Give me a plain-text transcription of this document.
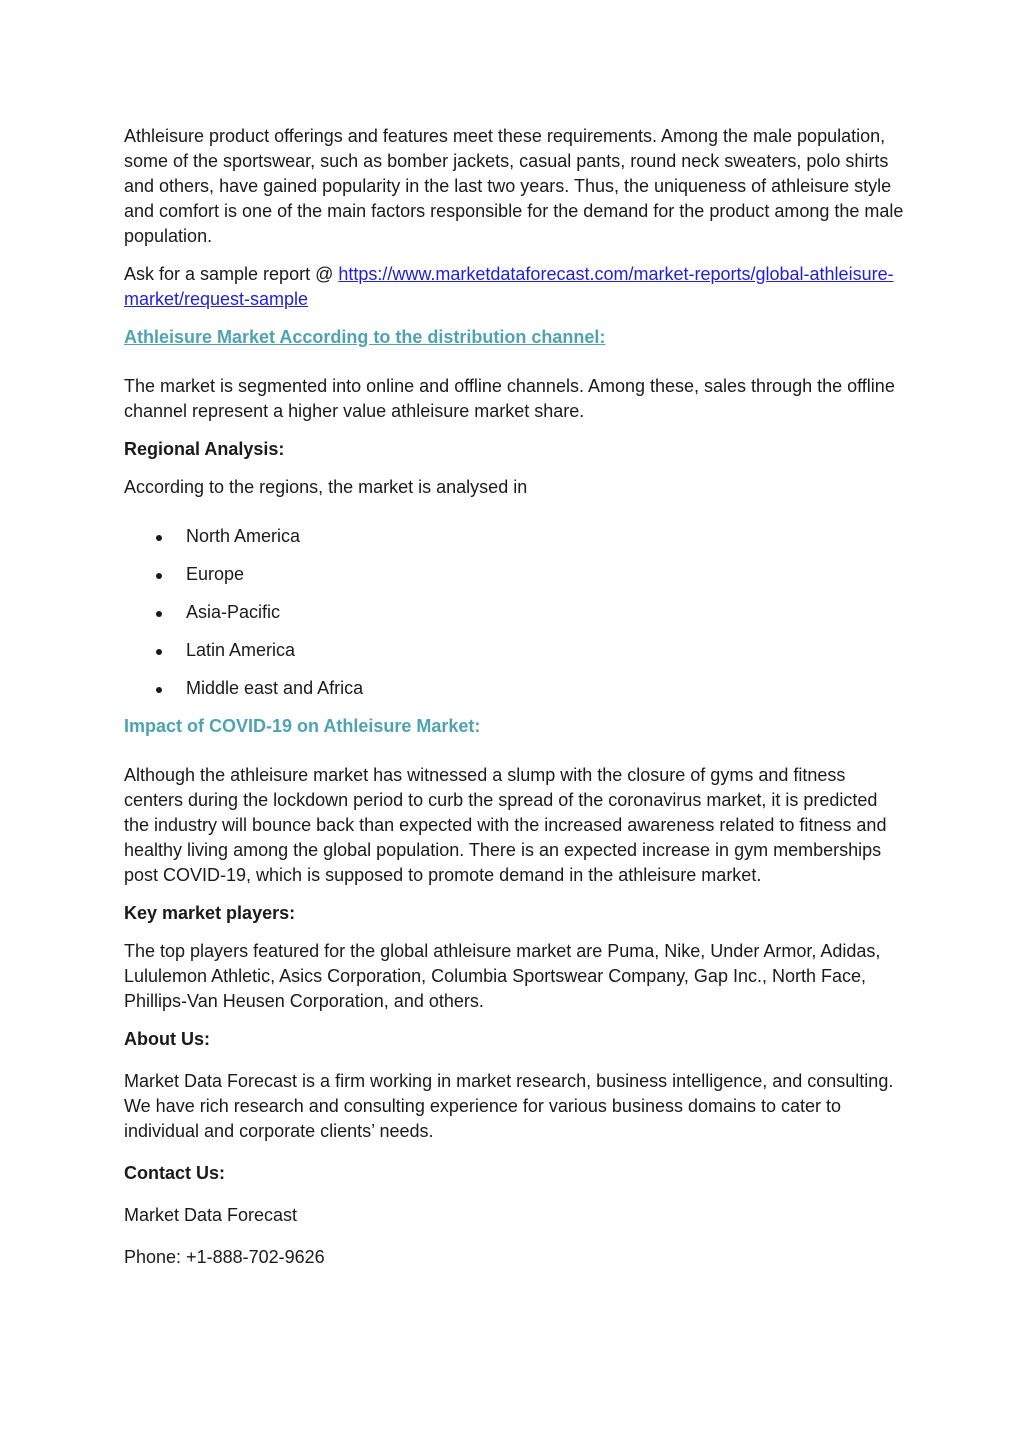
Athleisure product offerings and features meet these requirements. Among the male population, some of the sportswear, such as bomber jackets, casual pants, round neck sweaters, polo shirts and others, have gained popularity in the last two years. Thus, the uniqueness of athleisure style and comfort is one of the main factors responsible for the demand for the product among the male population.

Ask for a sample report @ https://www.marketdataforecast.com/market-reports/global-athleisure-market/request-sample

Athleisure Market According to the distribution channel:

The market is segmented into online and offline channels. Among these, sales through the offline channel represent a higher value athleisure market share.

Regional Analysis:

According to the regions, the market is analysed in

North America
Europe
Asia-Pacific
Latin America
Middle east and Africa

Impact of COVID-19 on Athleisure Market:

Although the athleisure market has witnessed a slump with the closure of gyms and fitness centers during the lockdown period to curb the spread of the coronavirus market, it is predicted the industry will bounce back than expected with the increased awareness related to fitness and healthy living among the global population. There is an expected increase in gym memberships post COVID-19, which is supposed to promote demand in the athleisure market.

Key market players:

The top players featured for the global athleisure market are Puma, Nike, Under Armor, Adidas, Lululemon Athletic, Asics Corporation, Columbia Sportswear Company, Gap Inc., North Face, Phillips-Van Heusen Corporation, and others.

About Us:

Market Data Forecast is a firm working in market research, business intelligence, and consulting. We have rich research and consulting experience for various business domains to cater to individual and corporate clients’ needs.

Contact Us:

Market Data Forecast

Phone: +1-888-702-9626
